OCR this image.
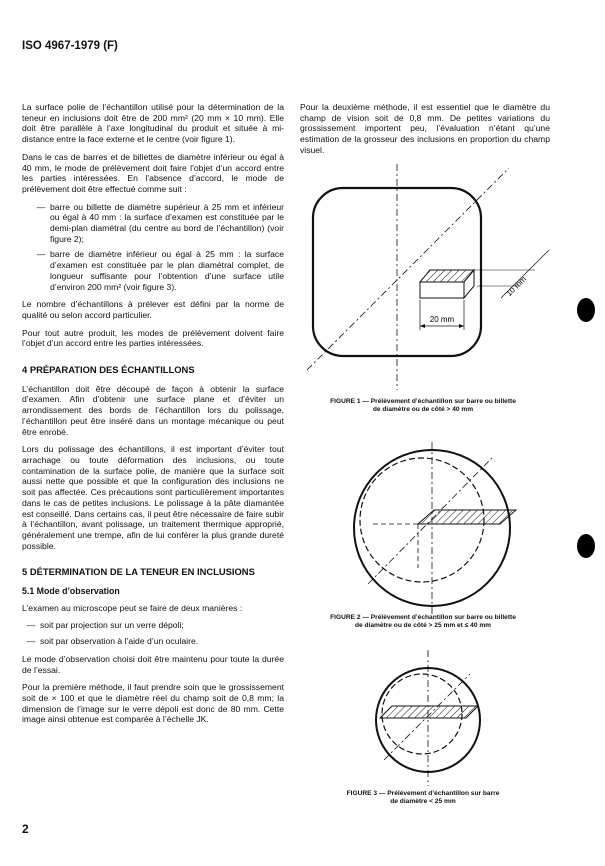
ISO 4967-1979 (F)

La surface polie de l’échantillon utilisé pour la détermination de la teneur en inclusions doit être de 200 mm² (20 mm × 10 mm). Elle doit être parallèle à l’axe longitudinal du produit et située à mi-distance entre la face externe et le centre (voir figure 1).

Dans le cas de barres et de billettes de diamètre inférieur ou égal à 40 mm, le mode de prélèvement doit faire l’objet d’un accord entre les parties intéressées. En l’absence d’accord, le mode de prélèvement doit être effectué comme suit :

— barre ou billette de diamètre supérieur à 25 mm et inférieur ou égal à 40 mm : la surface d’examen est constituée par le demi-plan diamétral (du centre au bord de l’échantillon) (voir figure 2);
— barre de diamètre inférieur ou égal à 25 mm : la surface d’examen est constituée par le plan diamétral complet, de longueur suffisante pour l’obtention d’une surface utile d’environ 200 mm² (voir figure 3).

Le nombre d’échantillons à prélever est défini par la norme de qualité ou selon accord particulier.

Pour tout autre produit, les modes de prélèvement doivent faire l’objet d’un accord entre les parties intéressées.

4 PRÉPARATION DES ÉCHANTILLONS

L’échantillon doit être découpé de façon à obtenir la surface d’examen. Afin d’obtenir une surface plane et d’éviter un arrondissement des bords de l’échantillon lors du polissage, l’échantillon peut être inséré dans un montage mécanique ou peut être enrobé.

Lors du polissage des échantillons, il est important d’éviter tout arrachage ou toute déformation des inclusions, ou toute contamination de la surface polie, de manière que la surface soit aussi nette que possible et que la configuration des inclusions ne soit pas affectée. Ces précautions sont particulièrement importantes dans le cas de petites inclusions. Le polissage à la pâte diamantée est conseillé. Dans certains cas, il peut être nécessaire de faire subir à l’échantillon, avant polissage, un traitement thermique approprié, généralement une trempe, afin de lui conférer la plus grande dureté possible.

5 DÉTERMINATION DE LA TENEUR EN INCLUSIONS
5.1 Mode d’observation

L’examen au microscope peut se faire de deux manières :

— soit par projection sur un verre dépoli;
— soit par observation à l’aide d’un oculaire.

Le mode d’observation choisi doit être maintenu pour toute la durée de l’essai.

Pour la première méthode, il faut prendre soin que le grossissement soit de × 100 et que le diamètre réel du champ soit de 0,8 mm; la dimension de l’image sur le verre dépoli est donc de 80 mm. Cette image ainsi obtenue est comparée à l’échelle JK.

Pour la deuxième méthode, il est essentiel que le diamètre du champ de vision soit de 0,8 mm. De petites variations du grossissement importent peu, l’évaluation n’étant qu’une estimation de la grosseur des inclusions en proportion du champ visuel.

20 mm
10 mm
FIGURE 1 — Prélèvement d’échantillon sur barre ou billette
de diamètre ou de côté > 40 mm
FIGURE 2 — Prélèvement d’échantillon sur barre ou billette
de diamètre ou de côté > 25 mm et ≤ 40 mm
FIGURE 3 — Prélèvement d’échantillon sur barre
de diamètre < 25 mm
2
